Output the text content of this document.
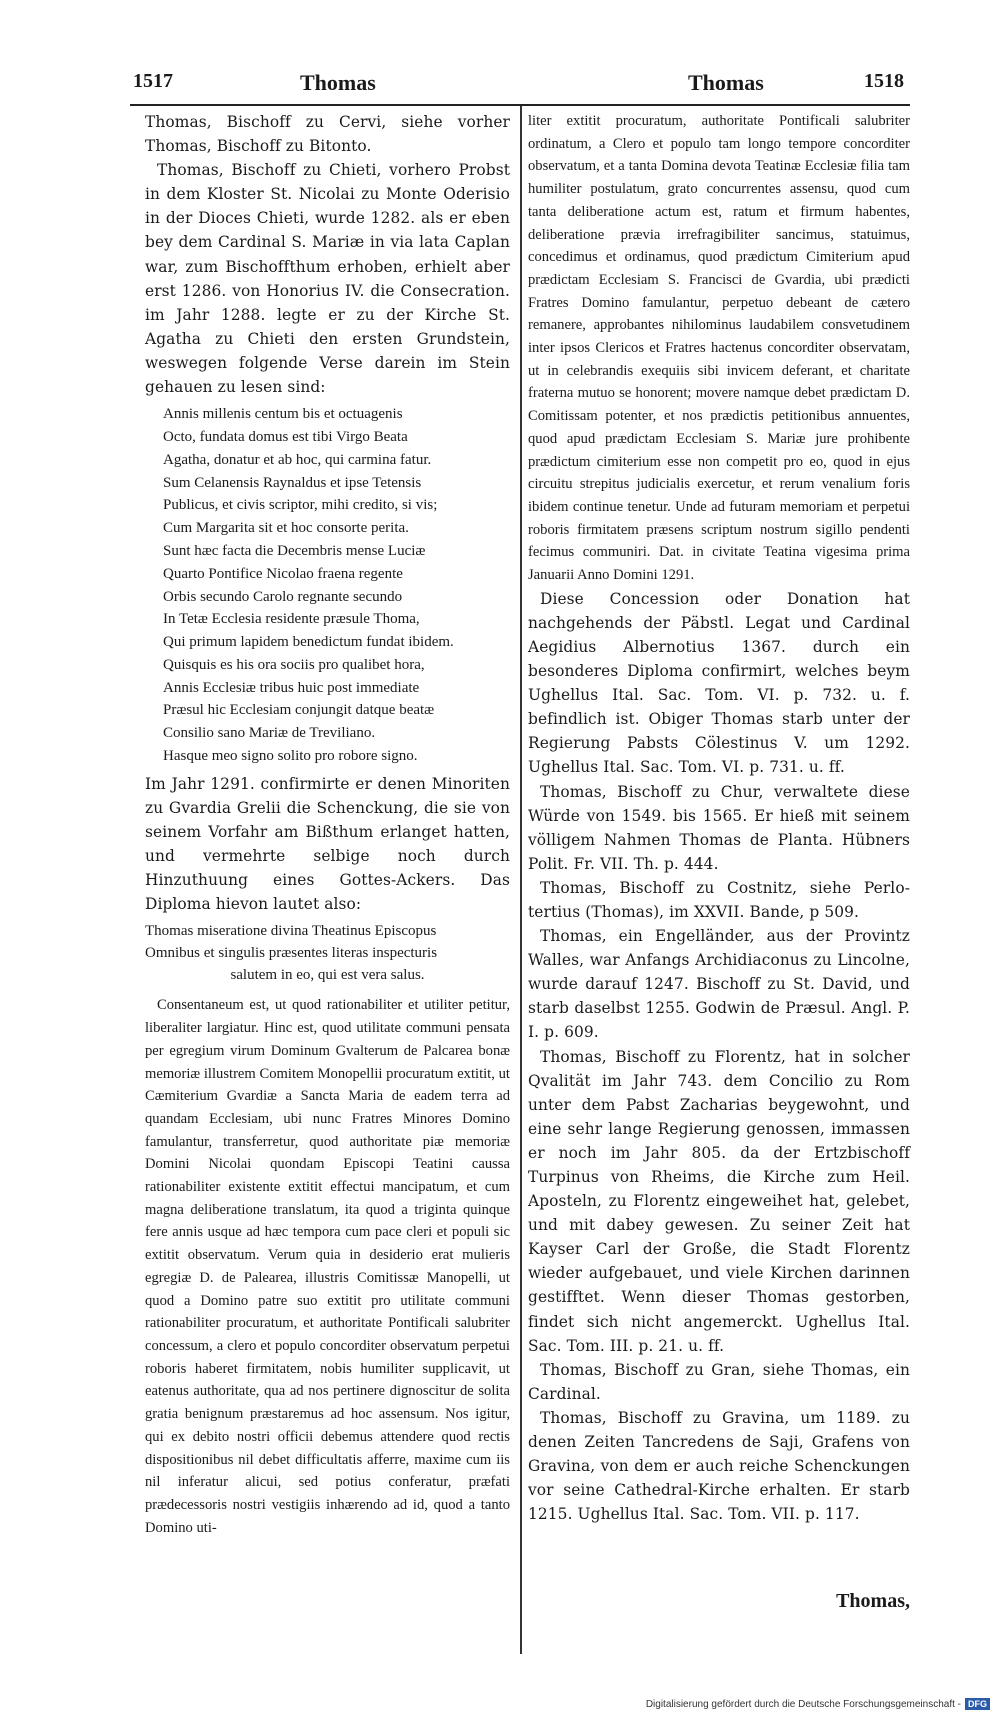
1517	Thomas	Thomas	1518

Thomas, Bischoff zu Cervi, siehe vorher Thomas, Bischoff zu Bitonto.

Thomas, Bischoff zu Chieti, vorhero Probst in dem Kloster St. Nicolai zu Monte Oderisio in der Dioces Chieti, wurde 1282. als er eben bey dem Cardinal S. Mariæ in via lata Caplan war, zum Bischoffthum erhoben, erhielt aber erst 1286. von Honorius IV. die Consecration. im Jahr 1288. legte er zu der Kirche St. Agatha zu Chieti den ersten Grundstein, weswegen folgende Verse darein im Stein gehauen zu lesen sind:

Annis millenis centum bis et octuagenis
Octo, fundata domus est tibi Virgo Beata
Agatha, donatur et ab hoc, qui carmina fatur.
Sum Celanensis Raynaldus et ipse Tetensis
Publicus, et civis scriptor, mihi credito, si vis;
Cum Margarita sit et hoc consorte perita.
Sunt hæc facta die Decembris mense Luciæ
Quarto Pontifice Nicolao fraena regente
Orbis secundo Carolo regnante secundo
In Tetæ Ecclesia residente præsule Thoma,
Qui primum lapidem benedictum fundat ibidem.
Quisquis es his ora sociis pro qualibet hora,
Annis Ecclesiæ tribus huic post immediate
Præsul hic Ecclesiam conjungit datque beatæ
Consilio sano Mariæ de Treviliano.
Hasque meo signo solito pro robore signo.

Im Jahr 1291. confirmirte er denen Minoriten zu Gvardia Grelii die Schenckung, die sie von seinem Vorfahr am Bißthum erlanget hatten, und vermehrte selbige noch durch Hinzuthuung eines Gottes-Ackers. Das Diploma hievon lautet also:

Thomas miseratione divina Theatinus Episcopus
Omnibus et singulis præsentes literas inspecturis
salutem in eo, qui est vera salus.

Consentaneum est, ut quod rationabiliter et utiliter petitur, liberaliter largiatur. Hinc est, quod utilitate communi pensata per egregium virum Dominum Gvalterum de Palcarea bonæ memoriæ illustrem Comitem Monopellii procuratum extitit, ut Cæmiterium Gvardiæ a Sancta Maria de eadem terra ad quandam Ecclesiam, ubi nunc Fratres Minores Domino famulantur, transferretur, quod authoritate piæ memoriæ Domini Nicolai quondam Episcopi Teatini caussa rationabiliter existente extitit effectui mancipatum, et cum magna deliberatione translatum, ita quod a triginta quinque fere annis usque ad hæc tempora cum pace cleri et populi sic extitit observatum. Verum quia in desiderio erat mulieris egregiæ D. de Palearea, illustris Comitissæ Manopelli, ut quod a Domino patre suo extitit pro utilitate communi rationabiliter procuratum, et authoritate Pontificali salubriter concessum, a clero et populo concorditer observatum perpetui roboris haberet firmitatem, nobis humiliter supplicavit, ut eatenus authoritate, qua ad nos pertinere dignoscitur de solita gratia benignum præstaremus ad hoc assensum. Nos igitur, qui ex debito nostri officii debemus attendere quod rectis dispositionibus nil debet difficultatis afferre, maxime cum iis nil inferatur alicui, sed potius conferatur, præfati prædecessoris nostri vestigiis inhærendo ad id, quod a tanto Domino uti-

liter extitit procuratum, authoritate Pontificali salubriter ordinatum, a Clero et populo tam longo tempore concorditer observatum, et a tanta Domina devota Teatinæ Ecclesiæ filia tam humiliter postulatum, grato concurrentes assensu, quod cum tanta deliberatione actum est, ratum et firmum habentes, deliberatione prævia irrefragibiliter sancimus, statuimus, concedimus et ordinamus, quod prædictum Cimiterium apud prædictam Ecclesiam S. Francisci de Gvardia, ubi prædicti Fratres Domino famulantur, perpetuo debeant de cætero remanere, approbantes nihilominus laudabilem consvetudinem inter ipsos Clericos et Fratres hactenus concorditer observatam, ut in celebrandis exequiis sibi invicem deferant, et charitate fraterna mutuo se honorent; movere namque debet prædictam D. Comitissam potenter, et nos prædictis petitionibus annuentes, quod apud prædictam Ecclesiam S. Mariæ jure prohibente prædictum cimiterium esse non competit pro eo, quod in ejus circuitu strepitus judicialis exercetur, et rerum venalium foris ibidem continue tenetur. Unde ad futuram memoriam et perpetui roboris firmitatem præsens scriptum nostrum sigillo pendenti fecimus communiri. Dat. in civitate Teatina vigesima prima Januarii Anno Domini 1291.

Diese Concession oder Donation hat nachgehends der Päbstl. Legat und Cardinal Aegidius Albernotius 1367. durch ein besonderes Diploma confirmirt, welches beym Ughellus Ital. Sac. Tom. VI. p. 732. u. f. befindlich ist. Obiger Thomas starb unter der Regierung Pabsts Cölestinus V. um 1292. Ughellus Ital. Sac. Tom. VI. p. 731. u. ff.

Thomas, Bischoff zu Chur, verwaltete diese Würde von 1549. bis 1565. Er hieß mit seinem völligem Nahmen Thomas de Planta. Hübners Polit. Fr. VII. Th. p. 444.

Thomas, Bischoff zu Costnitz, siehe Perlo-tertius (Thomas), im XXVII. Bande, p 509.

Thomas, ein Engelländer, aus der Provintz Walles, war Anfangs Archidiaconus zu Lincolne, wurde darauf 1247. Bischoff zu St. David, und starb daselbst 1255. Godwin de Præsul. Angl. P. I. p. 609.

Thomas, Bischoff zu Florentz, hat in solcher Qvalität im Jahr 743. dem Concilio zu Rom unter dem Pabst Zacharias beygewohnt, und eine sehr lange Regierung genossen, immassen er noch im Jahr 805. da der Ertzbischoff Turpinus von Rheims, die Kirche zum Heil. Aposteln, zu Florentz eingeweihet hat, gelebet, und mit dabey gewesen. Zu seiner Zeit hat Kayser Carl der Große, die Stadt Florentz wieder aufgebauet, und viele Kirchen darinnen gestifftet. Wenn dieser Thomas gestorben, findet sich nicht angemerckt. Ughellus Ital. Sac. Tom. III. p. 21. u. ff.

Thomas, Bischoff zu Gran, siehe Thomas, ein Cardinal.

Thomas, Bischoff zu Gravina, um 1189. zu denen Zeiten Tancredens de Saji, Grafens von Gravina, von dem er auch reiche Schenckungen vor seine Cathedral-Kirche erhalten. Er starb 1215. Ughellus Ital. Sac. Tom. VII. p. 117.

Thomas,
Digitalisierung gefördert durch die Deutsche Forschungsgemeinschaft - DFG
